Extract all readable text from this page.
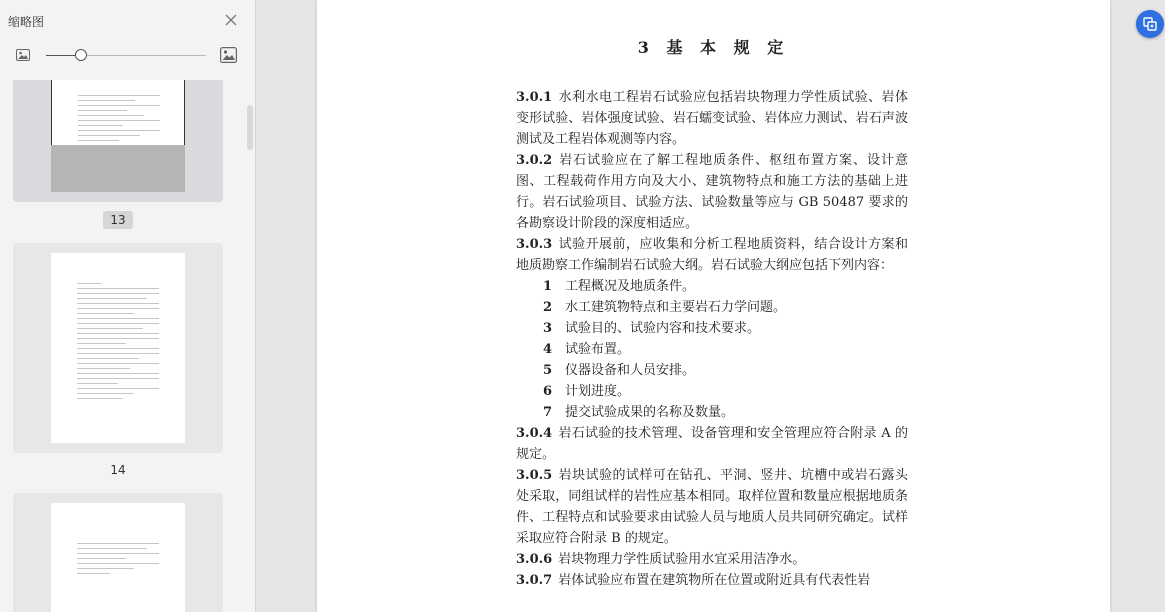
缩略图
13
14
3 基 本 规 定
3.0.1 水利水电工程岩石试验应包括岩块物理力学性质试验、岩体变形试验、岩体强度试验、岩石蠕变试验、岩体应力测试、岩石声波测试及工程岩体观测等内容。
3.0.2 岩石试验应在了解工程地质条件、枢纽布置方案、设计意图、工程载荷作用方向及大小、建筑物特点和施工方法的基础上进行。岩石试验项目、试验方法、试验数量等应与 GB 50487 要求的各勘察设计阶段的深度相适应。
3.0.3 试验开展前，应收集和分析工程地质资料，结合设计方案和地质勘察工作编制岩石试验大纲。岩石试验大纲应包括下列内容：
1 工程概况及地质条件。
2 水工建筑物特点和主要岩石力学问题。
3 试验目的、试验内容和技术要求。
4 试验布置。
5 仪器设备和人员安排。
6 计划进度。
7 提交试验成果的名称及数量。
3.0.4 岩石试验的技术管理、设备管理和安全管理应符合附录 A 的规定。
3.0.5 岩块试验的试样可在钻孔、平洞、竖井、坑槽中或岩石露头处采取，同组试样的岩性应基本相同。取样位置和数量应根据地质条件、工程特点和试验要求由试验人员与地质人员共同研究确定。试样采取应符合附录 B 的规定。
3.0.6 岩块物理力学性质试验用水宜采用洁净水。
3.0.7 岩体试验应布置在建筑物所在位置或附近具有代表性岩
